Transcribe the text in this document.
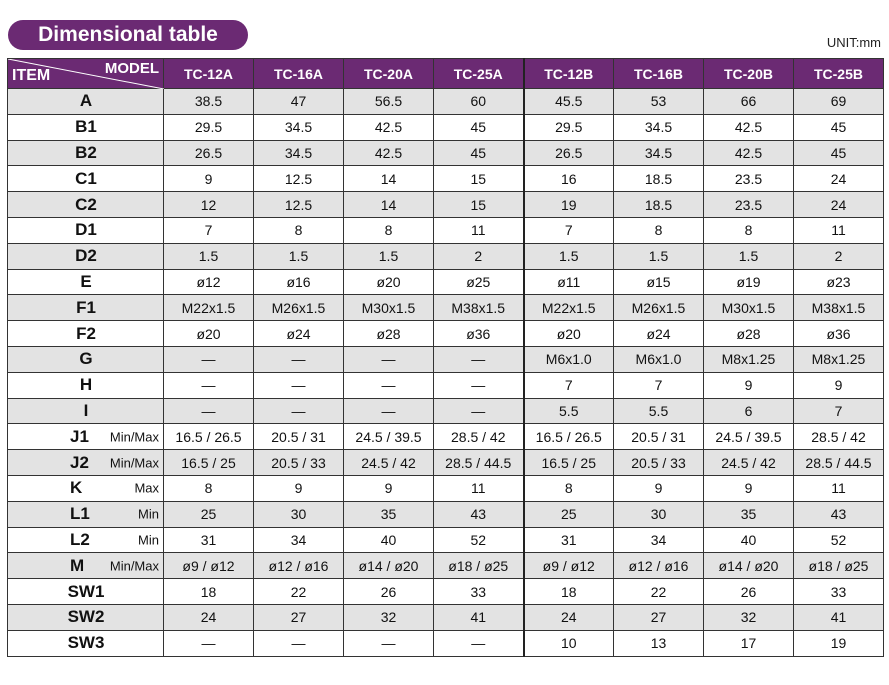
Dimensional table	UNIT:mm
MODEL
ITEM	TC-12A	TC-16A	TC-20A	TC-25A	TC-12B	TC-16B	TC-20B	TC-25B

A	38.5	47	56.5	60	45.5	53	66	69

B1	29.5	34.5	42.5	45	29.5	34.5	42.5	45

B2	26.5	34.5	42.5	45	26.5	34.5	42.5	45

C1	9	12.5	14	15	16	18.5	23.5	24

C2	12	12.5	14	15	19	18.5	23.5	24

D1	7	8	8	11	7	8	8	11

D2	1.5	1.5	1.5	2	1.5	1.5	1.5	2

E	ø12	ø16	ø20	ø25	ø11	ø15	ø19	ø23

F1	M22x1.5	M26x1.5	M30x1.5	M38x1.5	M22x1.5	M26x1.5	M30x1.5	M38x1.5

F2	ø20	ø24	ø28	ø36	ø20	ø24	ø28	ø36

G	—	—	—	—	M6x1.0	M6x1.0	M8x1.25	M8x1.25

H	—	—	—	—	7	7	9	9

I	—	—	—	—	5.5	5.5	6	7

J1 Min/Max	16.5 / 26.5	20.5 / 31	24.5 / 39.5	28.5 / 42	16.5 / 26.5	20.5 / 31	24.5 / 39.5	28.5 / 42

J2 Min/Max	16.5 / 25	20.5 / 33	24.5 / 42	28.5 / 44.5	16.5 / 25	20.5 / 33	24.5 / 42	28.5 / 44.5

K Max	8	9	9	11	8	9	9	11

L1 Min	25	30	35	43	25	30	35	43

L2 Min	31	34	40	52	31	34	40	52

M Min/Max	ø9 / ø12	ø12 / ø16	ø14 / ø20	ø18 / ø25	ø9 / ø12	ø12 / ø16	ø14 / ø20	ø18 / ø25

SW1	18	22	26	33	18	22	26	33

SW2	24	27	32	41	24	27	32	41

SW3	—	—	—	—	10	13	17	19
